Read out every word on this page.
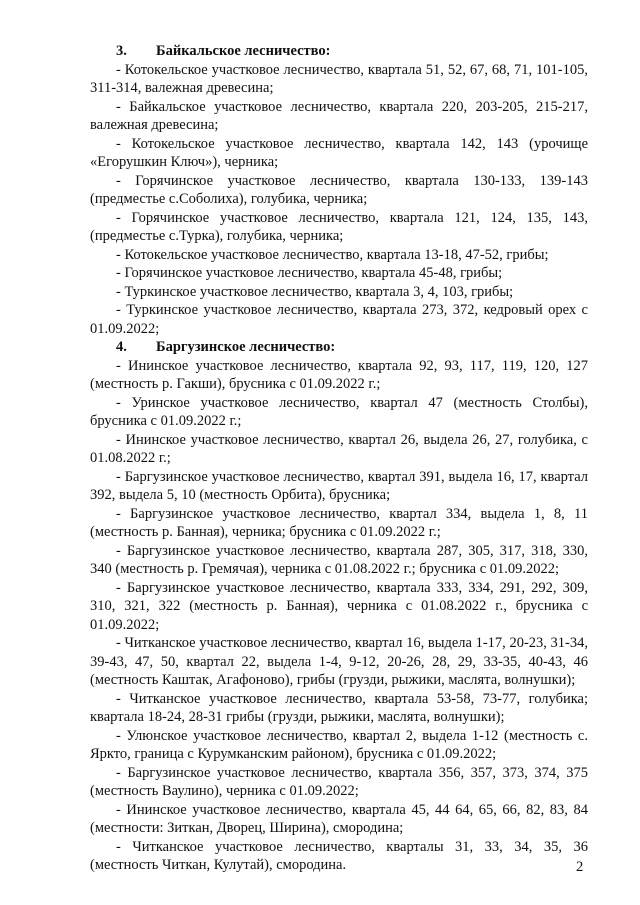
3. Байкальское лесничество:

- Котокельское участковое лесничество, квартала 51, 52, 67, 68, 71, 101-105, 311-314, валежная древесина;

- Байкальское участковое лесничество, квартала 220, 203-205, 215-217, валежная древесина;

- Котокельское участковое лесничество, квартала 142, 143 (урочище «Егорушкин Ключ»), черника;

- Горячинское участковое лесничество, квартала 130-133, 139-143 (предместье с.Соболиха), голубика, черника;

- Горячинское участковое лесничество, квартала 121, 124, 135, 143, (предместье с.Турка), голубика, черника;

- Котокельское участковое лесничество, квартала 13-18, 47-52, грибы;

- Горячинское участковое лесничество, квартала 45-48, грибы;

- Туркинское участковое лесничество, квартала 3, 4, 103, грибы;

- Туркинское участковое лесничество, квартала 273, 372, кедровый орех с 01.09.2022;

4. Баргузинское лесничество:

- Ининское участковое лесничество, квартала 92, 93, 117, 119, 120, 127 (местность р. Гакши), брусника с 01.09.2022 г.;

- Уринское участковое лесничество, квартал 47 (местность Столбы), брусника с 01.09.2022 г.;

- Ининское участковое лесничество, квартал 26, выдела 26, 27, голубика, с 01.08.2022 г.;

- Баргузинское участковое лесничество, квартал 391, выдела 16, 17, квартал 392, выдела 5, 10 (местность Орбита), брусника;

- Баргузинское участковое лесничество, квартал 334, выдела 1, 8, 11 (местность р. Банная), черника; брусника с 01.09.2022 г.;

- Баргузинское участковое лесничество, квартала 287, 305, 317, 318, 330, 340 (местность р. Гремячая), черника с 01.08.2022 г.; брусника с 01.09.2022;

- Баргузинское участковое лесничество, квартала 333, 334, 291, 292, 309, 310, 321, 322 (местность р. Банная), черника с 01.08.2022 г., брусника с 01.09.2022;

- Читканское участковое лесничество, квартал 16, выдела 1-17, 20-23, 31-34, 39-43, 47, 50, квартал 22, выдела 1-4, 9-12, 20-26, 28, 29, 33-35, 40-43, 46 (местность Каштак, Агафоново), грибы (грузди, рыжики, маслята, волнушки);

- Читканское участковое лесничество, квартала 53-58, 73-77, голубика; квартала 18-24, 28-31 грибы (грузди, рыжики, маслята, волнушки);

- Улюнское участковое лесничество, квартал 2, выдела 1-12 (местность с. Яркто, граница с Курумканским районом), брусника с 01.09.2022;

- Баргузинское участковое лесничество, квартала 356, 357, 373, 374, 375 (местность Ваулино), черника с 01.09.2022;

- Ининское участковое лесничество, квартала 45, 44 64, 65, 66, 82, 83, 84 (местности: Зиткан, Дворец, Ширина), смородина;

- Читканское участковое лесничество, кварталы 31, 33, 34, 35, 36 (местность Читкан, Кулутай), смородина.	2
